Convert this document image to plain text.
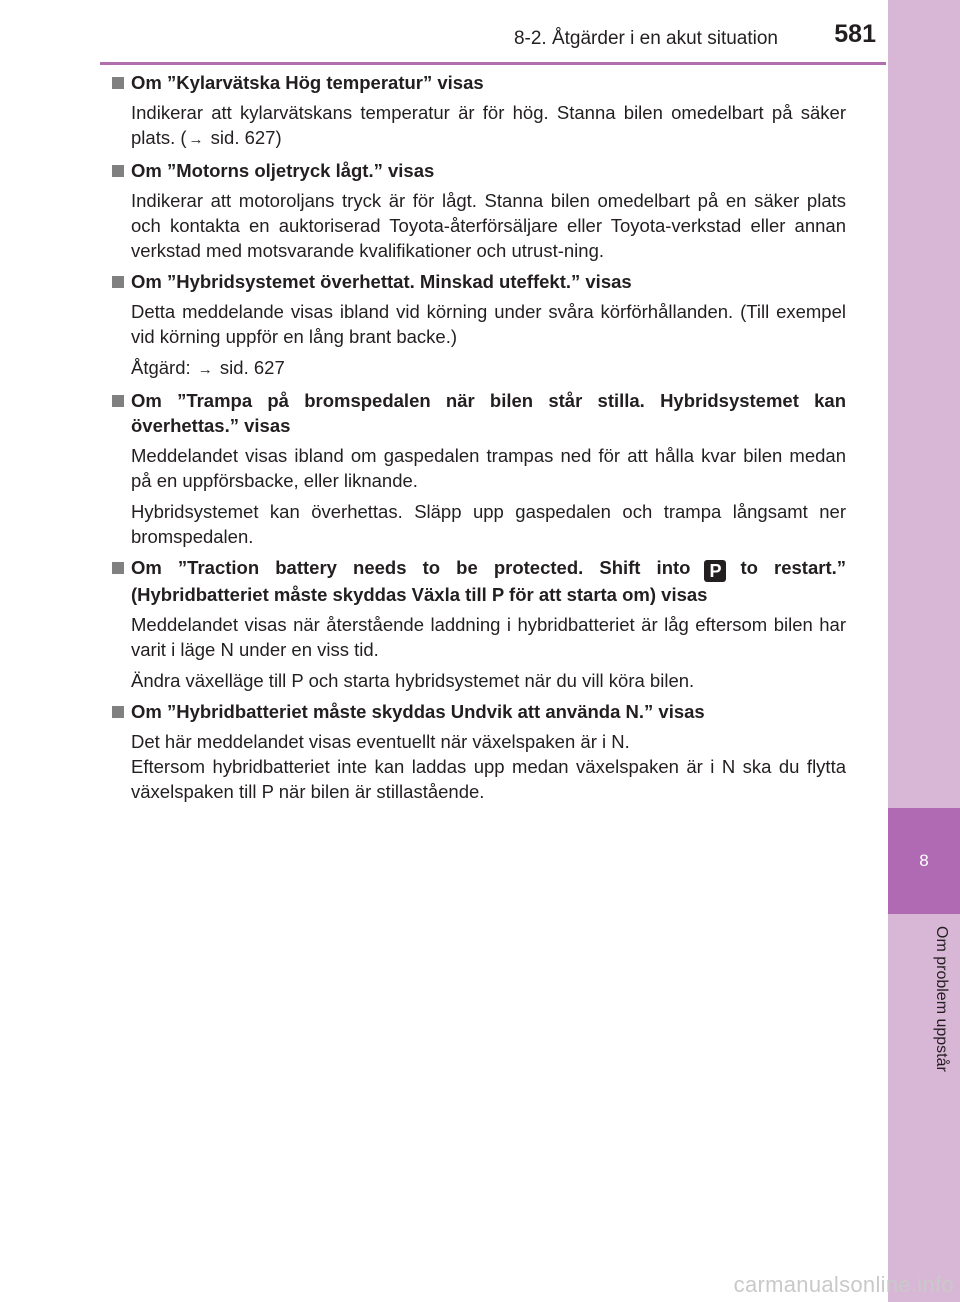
8-2. Åtgärder i en akut situation 581
8
Om problem uppstår
Om ”Kylarvätska Hög temperatur” visas

Indikerar att kylarvätskans temperatur är för hög. Stanna bilen omedelbart på säker plats. ( → sid. 627)

Om ”Motorns oljetryck lågt.” visas

Indikerar att motoroljans tryck är för lågt. Stanna bilen omedelbart på en säker plats och kontakta en auktoriserad Toyota-återförsäljare eller Toyota-verkstad eller annan verkstad med motsvarande kvalifikationer och utrust-ning.

Om ”Hybridsystemet överhettat. Minskad uteffekt.” visas

Detta meddelande visas ibland vid körning under svåra körförhållanden. (Till exempel vid körning uppför en lång brant backe.)

Åtgärd: → sid. 627

Om ”Trampa på bromspedalen när bilen står stilla. Hybridsystemet kan överhettas.” visas

Meddelandet visas ibland om gaspedalen trampas ned för att hålla kvar bilen medan på en uppförsbacke, eller liknande.

Hybridsystemet kan överhettas. Släpp upp gaspedalen och trampa långsamt ner bromspedalen.

Om ”Traction battery needs to be protected. Shift into P to restart.” (Hybridbatteriet måste skyddas Växla till P för att starta om) visas

Meddelandet visas när återstående laddning i hybridbatteriet är låg eftersom bilen har varit i läge N under en viss tid.

Ändra växelläge till P och starta hybridsystemet när du vill köra bilen.

Om ”Hybridbatteriet måste skyddas Undvik att använda N.” visas

Det här meddelandet visas eventuellt när växelspaken är i N.
Eftersom hybridbatteriet inte kan laddas upp medan växelspaken är i N ska du flytta växelspaken till P när bilen är stillastående.

carmanualsonline.info
